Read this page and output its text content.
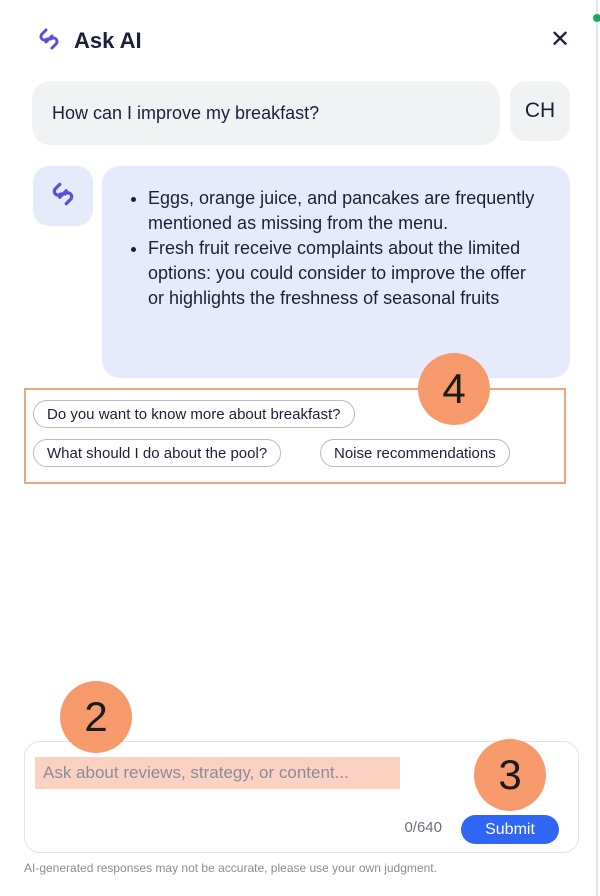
Ask AI	✕
How can I improve my breakfast?	CH
• Eggs, orange juice, and pancakes are frequently mentioned as missing from the menu.
• Fresh fruit receive complaints about the limited options: you could consider to improve the offer or highlights the freshness of seasonal fruits
Do you want to know more about breakfast?
What should I do about the pool?	Noise recommendations
4
Ask about reviews, strategy, or content...
0/640	Submit
2
3
AI-generated responses may not be accurate, please use your own judgment.
